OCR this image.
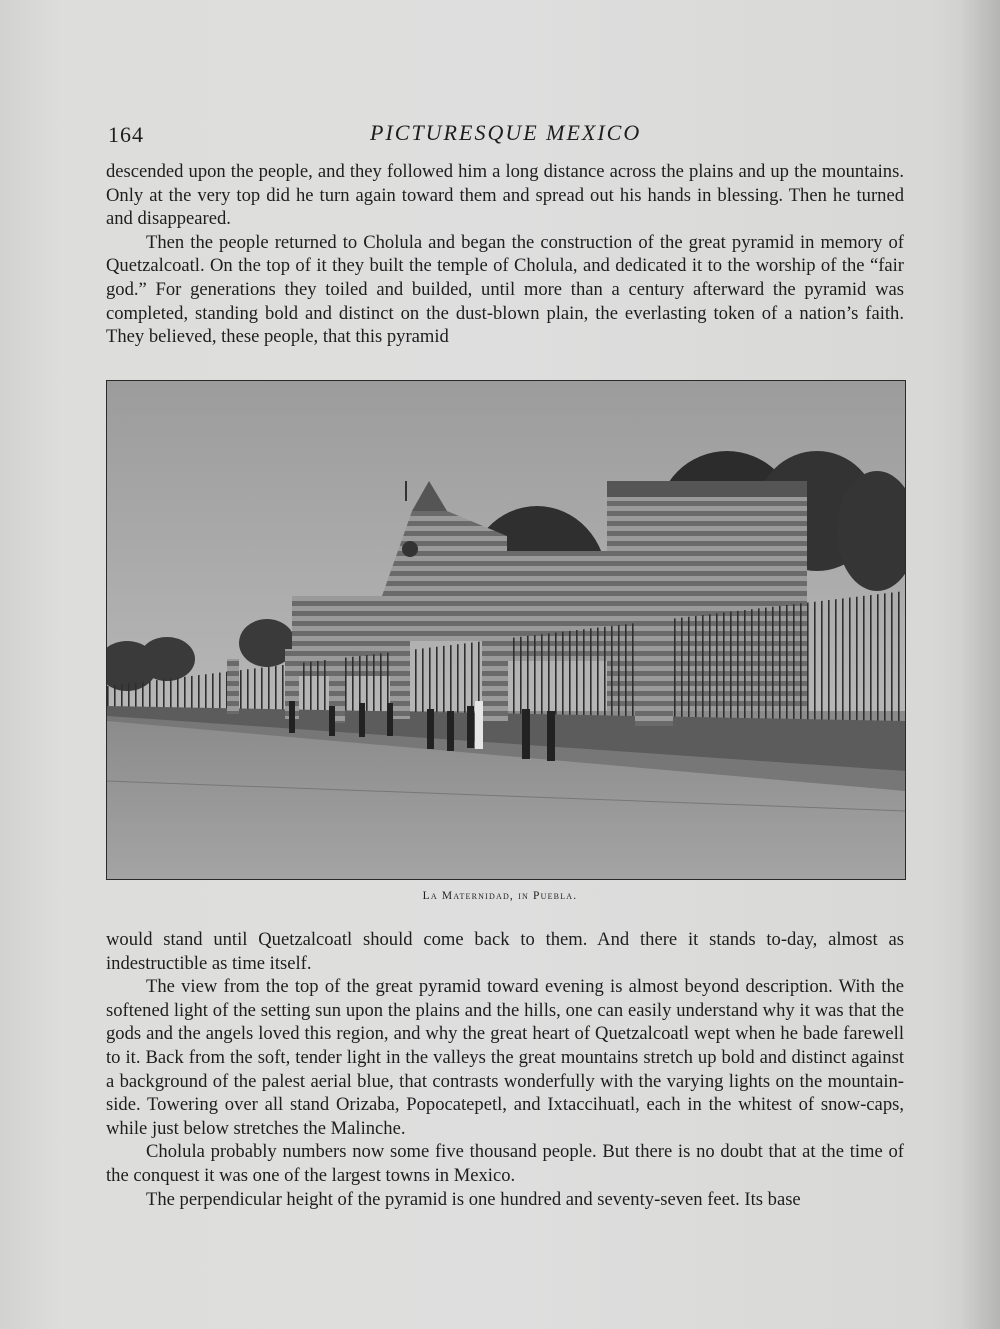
164	PICTURESQUE MEXICO

descended upon the people, and they followed him a long distance across the plains and up the mountains. Only at the very top did he turn again toward them and spread out his hands in blessing. Then he turned and disappeared.

Then the people returned to Cholula and began the construction of the great pyramid in memory of Quetzalcoatl. On the top of it they built the temple of Cholula, and dedicated it to the worship of the “fair god.” For generations they toiled and builded, until more than a century afterward the pyramid was completed, standing bold and distinct on the dust-blown plain, the everlasting token of a nation’s faith. They believed, these people, that this pyramid

La Maternidad, in Puebla.

would stand until Quetzalcoatl should come back to them. And there it stands to-day, almost as indestructible as time itself.

The view from the top of the great pyramid toward evening is almost beyond description. With the softened light of the setting sun upon the plains and the hills, one can easily understand why it was that the gods and the angels loved this region, and why the great heart of Quetzalcoatl wept when he bade farewell to it. Back from the soft, tender light in the valleys the great mountains stretch up bold and distinct against a background of the palest aerial blue, that contrasts wonderfully with the varying lights on the mountain-side. Towering over all stand Orizaba, Popocatepetl, and Ixtaccihuatl, each in the whitest of snow-caps, while just below stretches the Malinche.

Cholula probably numbers now some five thousand people. But there is no doubt that at the time of the conquest it was one of the largest towns in Mexico.

The perpendicular height of the pyramid is one hundred and seventy-seven feet. Its base
